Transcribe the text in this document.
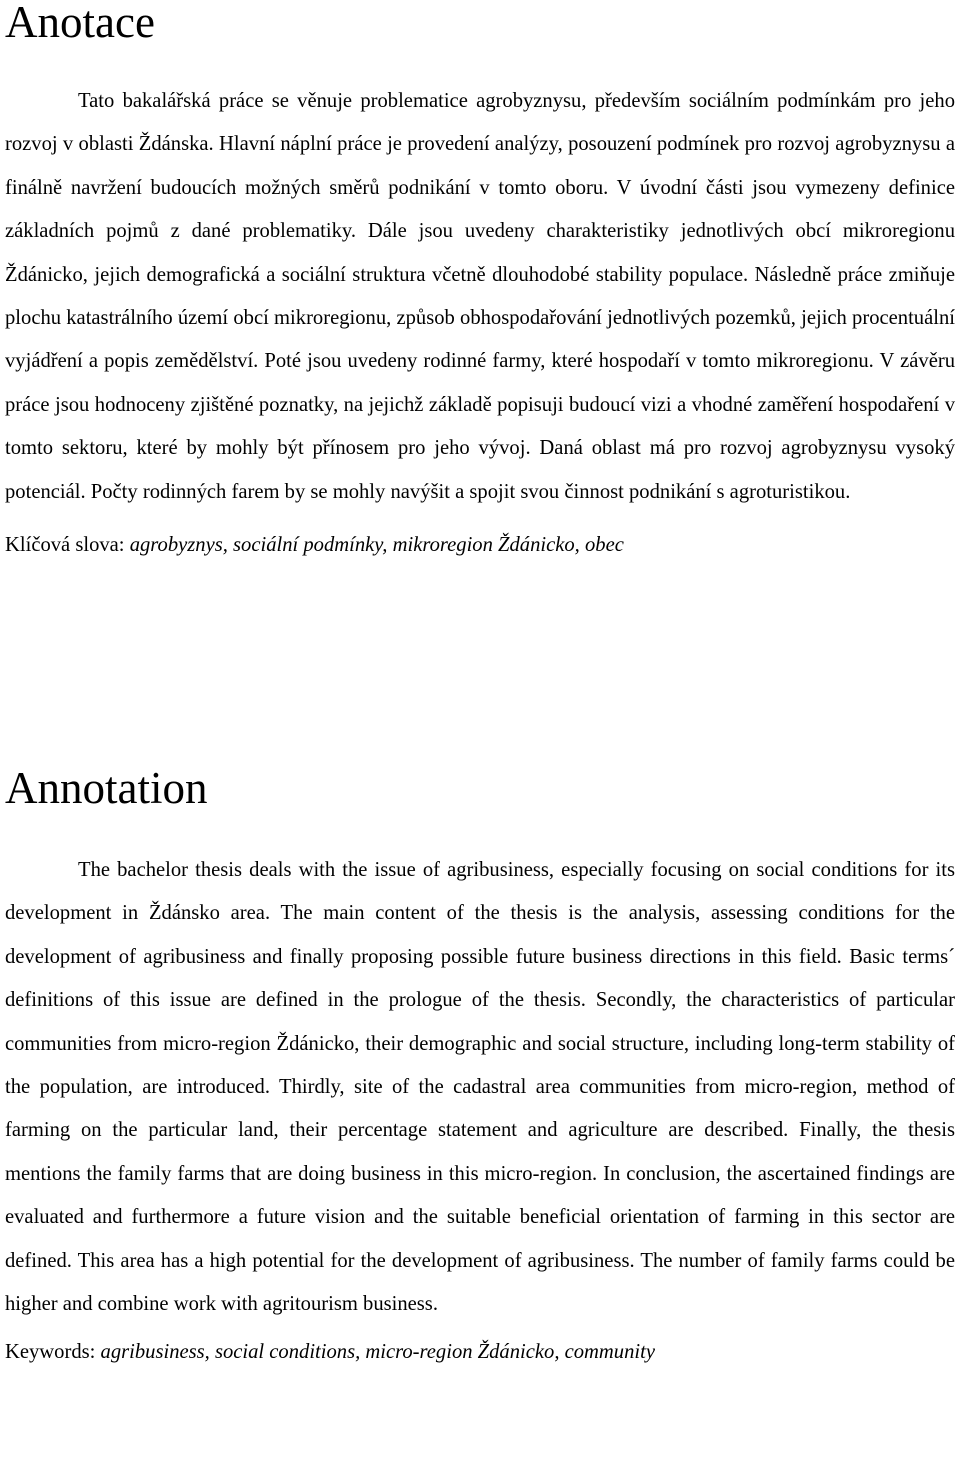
Anotace

Tato bakalářská práce se věnuje problematice agrobyznysu, především sociálním podmínkám pro jeho rozvoj v oblasti Ždánska. Hlavní náplní práce je provedení analýzy, posouzení podmínek pro rozvoj agrobyznysu a finálně navržení budoucích možných směrů podnikání v tomto oboru. V úvodní části jsou vymezeny definice základních pojmů z dané problematiky. Dále jsou uvedeny charakteristiky jednotlivých obcí mikroregionu Ždánicko, jejich demografická a sociální struktura včetně dlouhodobé stability populace. Následně práce zmiňuje plochu katastrálního území obcí mikroregionu, způsob obhospodařování jednotlivých pozemků, jejich procentuální vyjádření a popis zemědělství. Poté jsou uvedeny rodinné farmy, které hospodaří v tomto mikroregionu. V závěru práce jsou hodnoceny zjištěné poznatky, na jejichž základě popisuji budoucí vizi a vhodné zaměření hospodaření v tomto sektoru, které by mohly být přínosem pro jeho vývoj. Daná oblast má pro rozvoj agrobyznysu vysoký potenciál. Počty rodinných farem by se mohly navýšit a spojit svou činnost podnikání s agroturistikou.

Klíčová slova: agrobyznys, sociální podmínky, mikroregion Ždánicko, obec

Annotation

The bachelor thesis deals with the issue of agribusiness, especially focusing on social conditions for its development in Ždánsko area. The main content of the thesis is the analysis, assessing conditions for the development of agribusiness and finally proposing possible future business directions in this field. Basic terms´ definitions of this issue are defined in the prologue of the thesis. Secondly, the characteristics of particular communities from micro-region Ždánicko, their demographic and social structure, including long-term stability of the population, are introduced. Thirdly, site of the cadastral area communities from micro-region, method of farming on the particular land, their percentage statement and agriculture are described. Finally, the thesis mentions the family farms that are doing business in this micro-region. In conclusion, the ascertained findings are evaluated and furthermore a future vision and the suitable beneficial orientation of farming in this sector are defined. This area has a high potential for the development of agribusiness. The number of family farms could be higher and combine work with agritourism business.

Keywords: agribusiness, social conditions, micro-region Ždánicko, community
